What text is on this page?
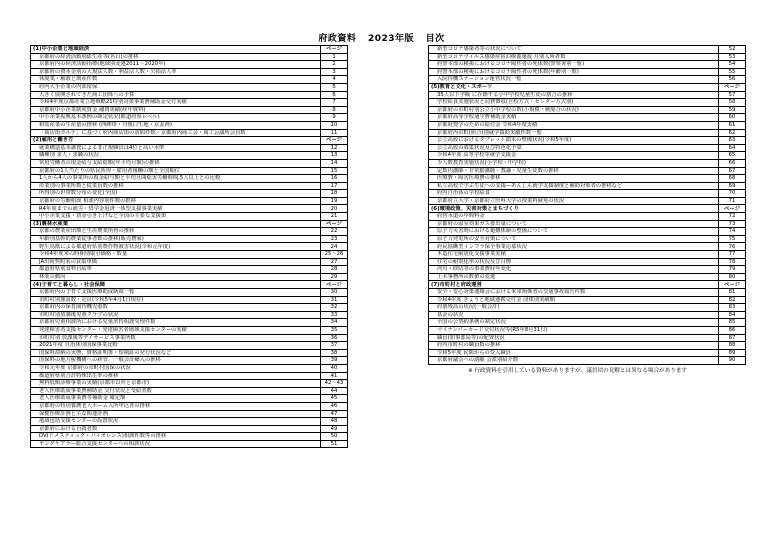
府政資料 2023年版 目次
(1)中小企業と地域経済	ページ
京都府の経済活動別総生産等(名目)の推移	1
京都府内の経済活動指標(地域別変遷2011～2020年)	2
京都府の資本金別の大規法人数・利益法人数・欠損法人率	3
休廃業・解散と倒産件数	4
府内大手企業の内部留保	5
大きく展開されてきた商工団体への予算	6
令和4年度京都産業立地戦略21特別対策事業費補助金交付実績	7
京都府中小企業制度資金 融資実績(経年資料)	8
中小企業振興基本条例の制定状況(都道府県レベル)	9
和装産業の生産量の推移 (西陣帯・丹後白生地・京友禅)	10
「商店街カルテ」に基づく府内商店街の訪問件数／京都府内商工会・商工会議所会員数	11
(2)雇用と働き方	ページ
就業構造基本調査による非正規職員は4位と高い水準	12
職種別 求人・求職の状況	13
常用労働者の現金給与支給総額(年平均月額)の推移	14
京都府の1人当たりの県民所得・雇用者報酬の額と全国順位	15
1人から4人の事業所の現金給与額と平均月間総実労働時間,5人以上との比較	16
産業別の事業所数と従業員数の推移	17
所得別の世帯数分布の変化(全国)	18
京都府の労働相談 相談内容別件数の推移	19
R4年度までの就労・奨学金返済一体型支援事業実績	20
中小企業支援・賃金引き上げなど全国の主要な支援策	21
(3)農林水産業	ページ
京都の農業産出額と生産農業所得の推移	22
年齢別基幹的農業従事者数の推移(販売農家)	23
野生鳥獣による都道府県別農作物被害状況(令和元年度)	24
令和4年度米の時期別取引価格・数量	25～26
JA出荷契約米の買取単価	27
都道府県別食料自給率	28
林業の動向	29
(4)子育てと暮らし・社会保障	ページ
京都府内の子育て支援医療助成制度一覧	30
市町村別施設数・定員(令和5年4月1日現在)	31
京都府内の保育園待機児童数	32
市町村別放課後児童クラブの状況	33
京都府児童相談所における児童虐待相談受理件数	34
発達障害者支援センター・発達障害者圏域支援センターの実績	35
市町村別 放課後等デイサービス事業所数	36
2021年度 自治体別国保事業比較	37
国保料滞納の実態、資格証明書・短期証の発行状況など	38
国保料の地方税機構への移管、一般会計繰入の推移	39
令和元年度 京都府の市町村国保の状況	40
都道府県別合計特殊出生率の推移	41
無料低額診療事業の実績(京都市以外と京都市)	42～43
老人医療助成事業費補助金 交付状況と受給者数	44
老人医療助成事業費等補助金 確定額	45
京都府の特別養護老人ホーム入所申込者の推移	46
保健医療計画と主な関連計画	47
地域包括支援センターの設置状況	48
京都府における自殺者数	49
DV(ドメスティック・バイオレンス)相談件数等の推移	50
ヤングケアラー総合支援センターへの相談状況	51
新型コロナ感染者等の状況について	52
新型コロナウイルス感染症宿泊療養施設 月別入所者数	53
府警本部の検視におけるコロナ陽性者の死体数(警察署別一覧)	54
府警本部の検視におけるコロナ陽性者の死体数(年齢別一覧)	55
入院待機ステーション運営状況一覧	56
(5)教育と文化・スポーツ	ページ
35人以下学級 に在籍する小中学校児童生徒の割合の推移	57
学校給食実施状況と同費徴収(自校方式・センター方式別)	58
京都府の市町村別公立小中学校の数(小規模・統廃合の状況)	59
京都府高等学校通学費補助金実績	60
京都府奨学のための給付金 令和4年度実績	61
京都府内市町(組合)別就学援助実績件数一覧	62
公立高校におけるタブレット端末の整備状況(令和5年度)	63
公立高校の募集状況及び特色化予算	64
令和4年度 高等学校等就学支援金	65
少人数教育実施状況(小学校・中学校)	66
定数内講師・非常勤講師・教諭・児童生徒数の推移	67
医療費・障害医療費の推移	68
私立高校で学ぶ生徒への支援―あんしん就学支援制度と補助対象者の推移など	69
府内自治体の学校給食	70
京都府立大学・京都府立医科大学の授業料減免の状況	71
(6)環境政策、災害対策とまちづくり	ページ
府営水道の年間料金	72
京都府の温室効果ガス排出量について	73
原子力災害時における避難体制の整備について	74
原子力発電所の安全対策について	75
府民協働型インフラ保全事業応募状況	76
木造住宅耐震化支援事業実績	77
住宅の耐震化率の状況及び目標	78
河川・砂防等の事業費経年変化	79
土木事務所の数値の変遷	80
(7)市町村と府政運営	ページ
安全・安心対策連絡会における米軍関係者の交通事故報告件数	81
令和4年度 きょうと地域連携交付金 団体別実績額	82
府債残高の状況(一般会計)	83
基金の状況	84
全国の公契約条例の制定状況	85
マイナンバーカード交付状況等(R5年8月31日)	86
職員(知事部局等)の配置状況	87
府内市町村の職員数の推移	88
令和5年度 民間からの受入職員	89
京都府議会への請願 会派別紹介数	90
※ 行政資料を引用している資料がありますが、議員団の見解とは異なる場合があります
